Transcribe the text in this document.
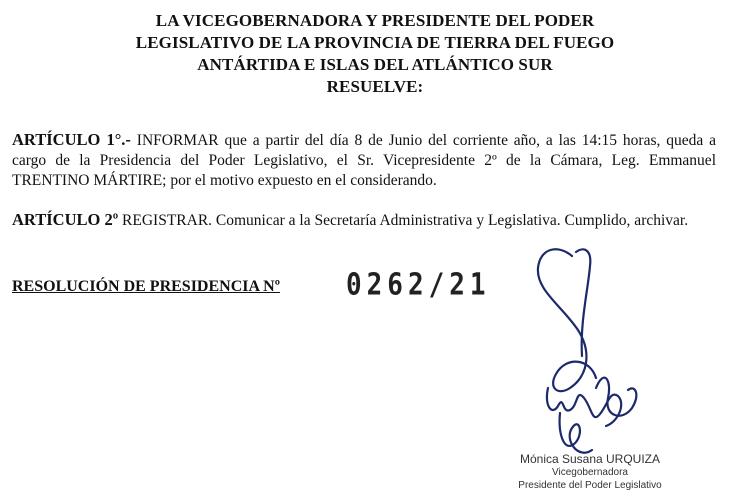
LA VICEGOBERNADORA Y PRESIDENTE DEL PODER
LEGISLATIVO DE LA PROVINCIA DE TIERRA DEL FUEGO
ANTÁRTIDA E ISLAS DEL ATLÁNTICO SUR
RESUELVE:
ARTÍCULO 1°.- INFORMAR que a partir del día 8 de Junio del corriente año, a las 14:15 horas, queda a cargo de la Presidencia del Poder Legislativo, el Sr. Vicepresidente 2º de la Cámara, Leg. Emmanuel TRENTINO MÁRTIRE; por el motivo expuesto en el considerando.
ARTÍCULO 2º REGISTRAR. Comunicar a la Secretaría Administrativa y Legislativa. Cumplido, archivar.
RESOLUCIÓN DE PRESIDENCIA Nº	0262/21
Mónica Susana URQUIZA
Vicegobernadora
Presidente del Poder Legislativo
